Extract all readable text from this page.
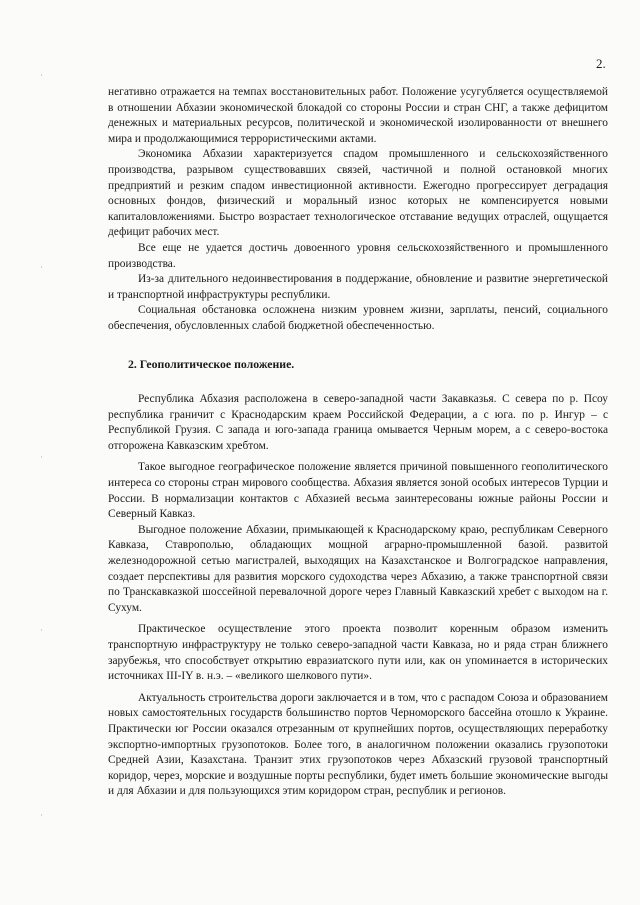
2.
·
·
·
·
·

негативно отражается на темпах восстановительных работ. Положение усугубляется осуществляемой в отношении Абхазии экономической блокадой со стороны России и стран СНГ, а также дефицитом денежных и материальных ресурсов, политической и экономической изолированности от внешнего мира и продолжающимися террористическими актами.

Экономика Абхазии характеризуется спадом промышленного и сельскохозяйственного производства, разрывом существовавших связей, частичной и полной остановкой многих предприятий и резким спадом инвестиционной активности. Ежегодно прогрессирует деградация основных фондов, физический и моральный износ которых не компенсируется новыми капиталовложениями. Быстро возрастает технологическое отставание ведущих отраслей, ощущается дефицит рабочих мест.

Все еще не удается достичь довоенного уровня сельскохозяйственного и промышленного производства.

Из-за длительного недоинвестирования в поддержание, обновление и развитие энергетической и транспортной инфраструктуры республики.

Социальная обстановка осложнена низким уровнем жизни, зарплаты, пенсий, социального обеспечения, обусловленных слабой бюджетной обеспеченностью.

2. Геополитическое положение.

Республика Абхазия расположена в северо-западной части Закавказья. С севера по р. Псоу республика граничит с Краснодарским краем Российской Федерации, а с юга. по р. Ингур – с Республикой Грузия. С запада и юго-запада граница омывается Черным морем, а с северо-востока отгорожена Кавказским хребтом.

Такое выгодное географическое положение является причиной повышенного геополитического интереса со стороны стран мирового сообщества. Абхазия является зоной особых интересов Турции и России. В нормализации контактов с Абхазией весьма заинтересованы южные районы России и Северный Кавказ.

Выгодное положение Абхазии, примыкающей к Краснодарскому краю, республикам Северного Кавказа, Ставрополью, обладающих мощной аграрно-промышленной базой. развитой железнодорожной сетью магистралей, выходящих на Казахстанское и Волгоградское направления, создает перспективы для развития морского судоходства через Абхазию, а также транспортной связи по Транскавказкой шоссейной перевалочной дороге через Главный Кавказский хребет с выходом на г. Сухум.

Практическое осуществление этого проекта позволит коренным образом изменить транспортную инфраструктуру не только северо-западной части Кавказа, но и ряда стран ближнего зарубежья, что способствует открытию евразиатского пути или, как он упоминается в исторических источниках III-IY в. н.э. – «великого шелкового пути».

Актуальность строительства дороги заключается и в том, что с распадом Союза и образованием новых самостоятельных государств большинство портов Черноморского бассейна отошло к Украине. Практически юг России оказался отрезанным от крупнейших портов, осуществляющих переработку экспортно-импортных грузопотоков. Более того, в аналогичном положении оказались грузопотоки Средней Азии, Казахстана. Транзит этих грузопотоков через Абхазский грузовой транспортный коридор, через, морские и воздушные порты республики, будет иметь большие экономические выгоды и для Абхазии и для пользующихся этим коридором стран, республик и регионов.
